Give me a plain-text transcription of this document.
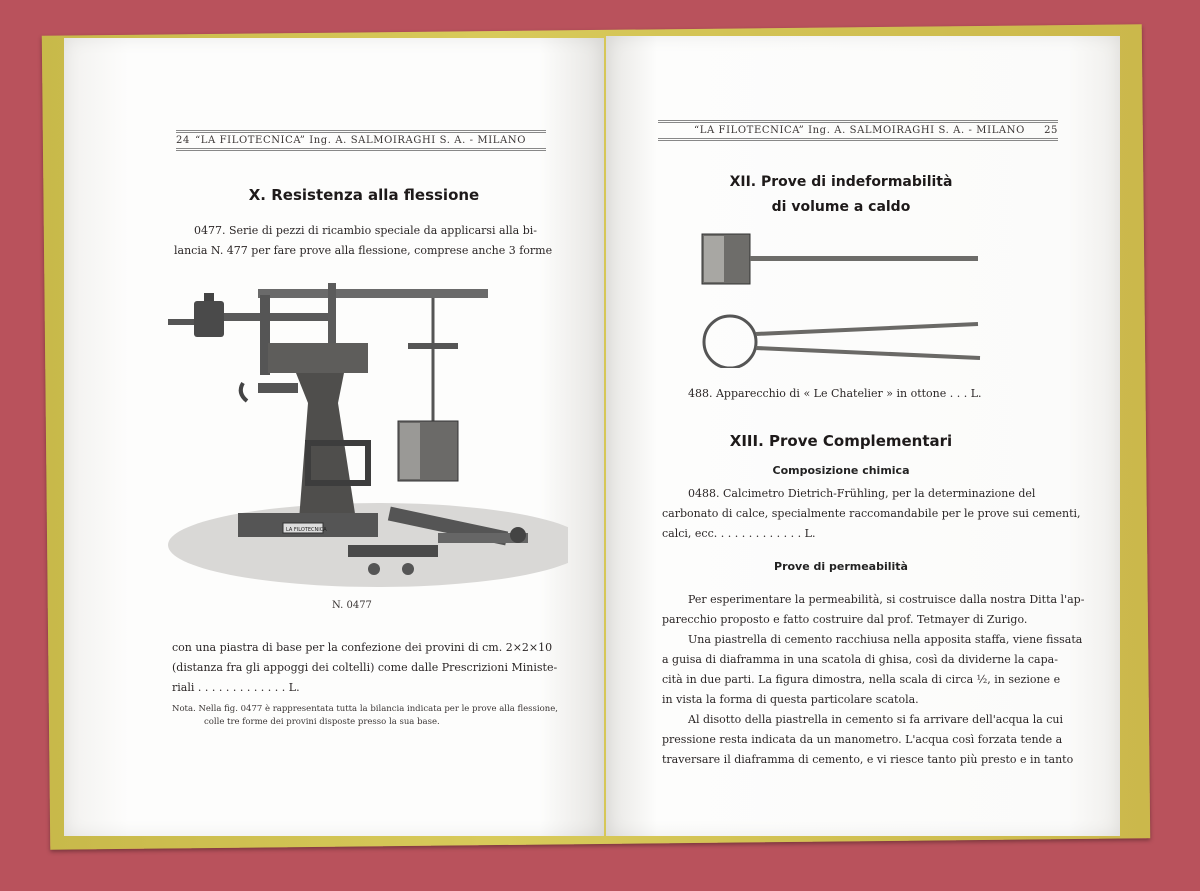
24 “LA FILOTECNICA” Ing. A. SALMOIRAGHI S. A. - MILANO
X. Resistenza alla flessione
0477. Serie di pezzi di ricambio speciale da applicarsi alla bi-
lancia N. 477 per fare prove alla flessione, comprese anche 3 forme
LA FILOTECNICA
N. 0477
con una piastra di base per la confezione dei provini di cm. 2×2×10
(distanza fra gli appoggi dei coltelli) come dalle Prescrizioni Ministe-
riali . . . . . . . . . . . . . L.
Nota. Nella fig. 0477 è rappresentata tutta la bilancia indicata per le prove alla flessione,
colle tre forme dei provini disposte presso la sua base.
“LA FILOTECNICA” Ing. A. SALMOIRAGHI S. A. - MILANO 25
XII. Prove di indeformabilità
di volume a caldo
488. Apparecchio di « Le Chatelier » in ottone . . . L.
XIII. Prove Complementari
Composizione chimica
0488. Calcimetro Dietrich-Frühling, per la determinazione del
carbonato di calce, specialmente raccomandabile per le prove sui cementi,
calci, ecc. . . . . . . . . . . . . L.
Prove di permeabilità
Per esperimentare la permeabilità, si costruisce dalla nostra Ditta l'ap-
parecchio proposto e fatto costruire dal prof. Tetmayer di Zurigo.
Una piastrella di cemento racchiusa nella apposita staffa, viene fissata
a guisa di diaframma in una scatola di ghisa, così da dividerne la capa-
cità in due parti. La figura dimostra, nella scala di circa ½, in sezione e
in vista la forma di questa particolare scatola.
Al disotto della piastrella in cemento si fa arrivare dell'acqua la cui
pressione resta indicata da un manometro. L'acqua così forzata tende a
traversare il diaframma di cemento, e vi riesce tanto più presto e in tanto
